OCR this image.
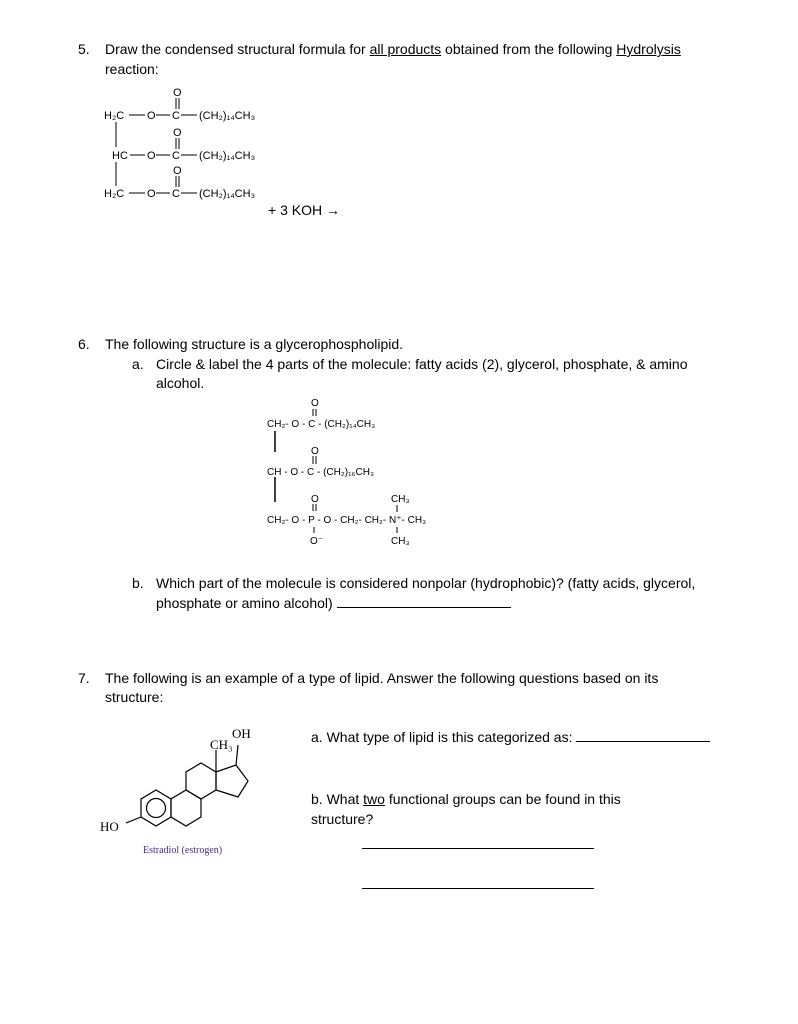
5. Draw the condensed structural formula for all products obtained from the following Hydrolysis
reaction:
H₂C O C
O
(CH₂)₁₄CH₃
HC O C
O
(CH₂)₁₄CH₃
H₂C O C
O
(CH₂)₁₄CH₃
+ 3 KOH →
6. The following structure is a glycerophospholipid.
a. Circle & label the 4 parts of the molecule: fatty acids (2), glycerol, phosphate, & amino
alcohol.
O
CH₂- O - C - (CH₂)₁₄CH₃
O
CH - O - C - (CH₂)₁₆CH₃
O	CH₃
CH₂- O - P - O - CH₂- CH₂- N⁺- CH₃
O⁻	CH₃
b. Which part of the molecule is considered nonpolar (hydrophobic)? (fatty acids, glycerol,
phosphate or amino alcohol)
7. The following is an example of a type of lipid. Answer the following questions based on its
structure:
OH
CH₃
HO
Estradiol (estrogen)
a. What type of lipid is this categorized as:
b. What two functional groups can be found in this
structure?
